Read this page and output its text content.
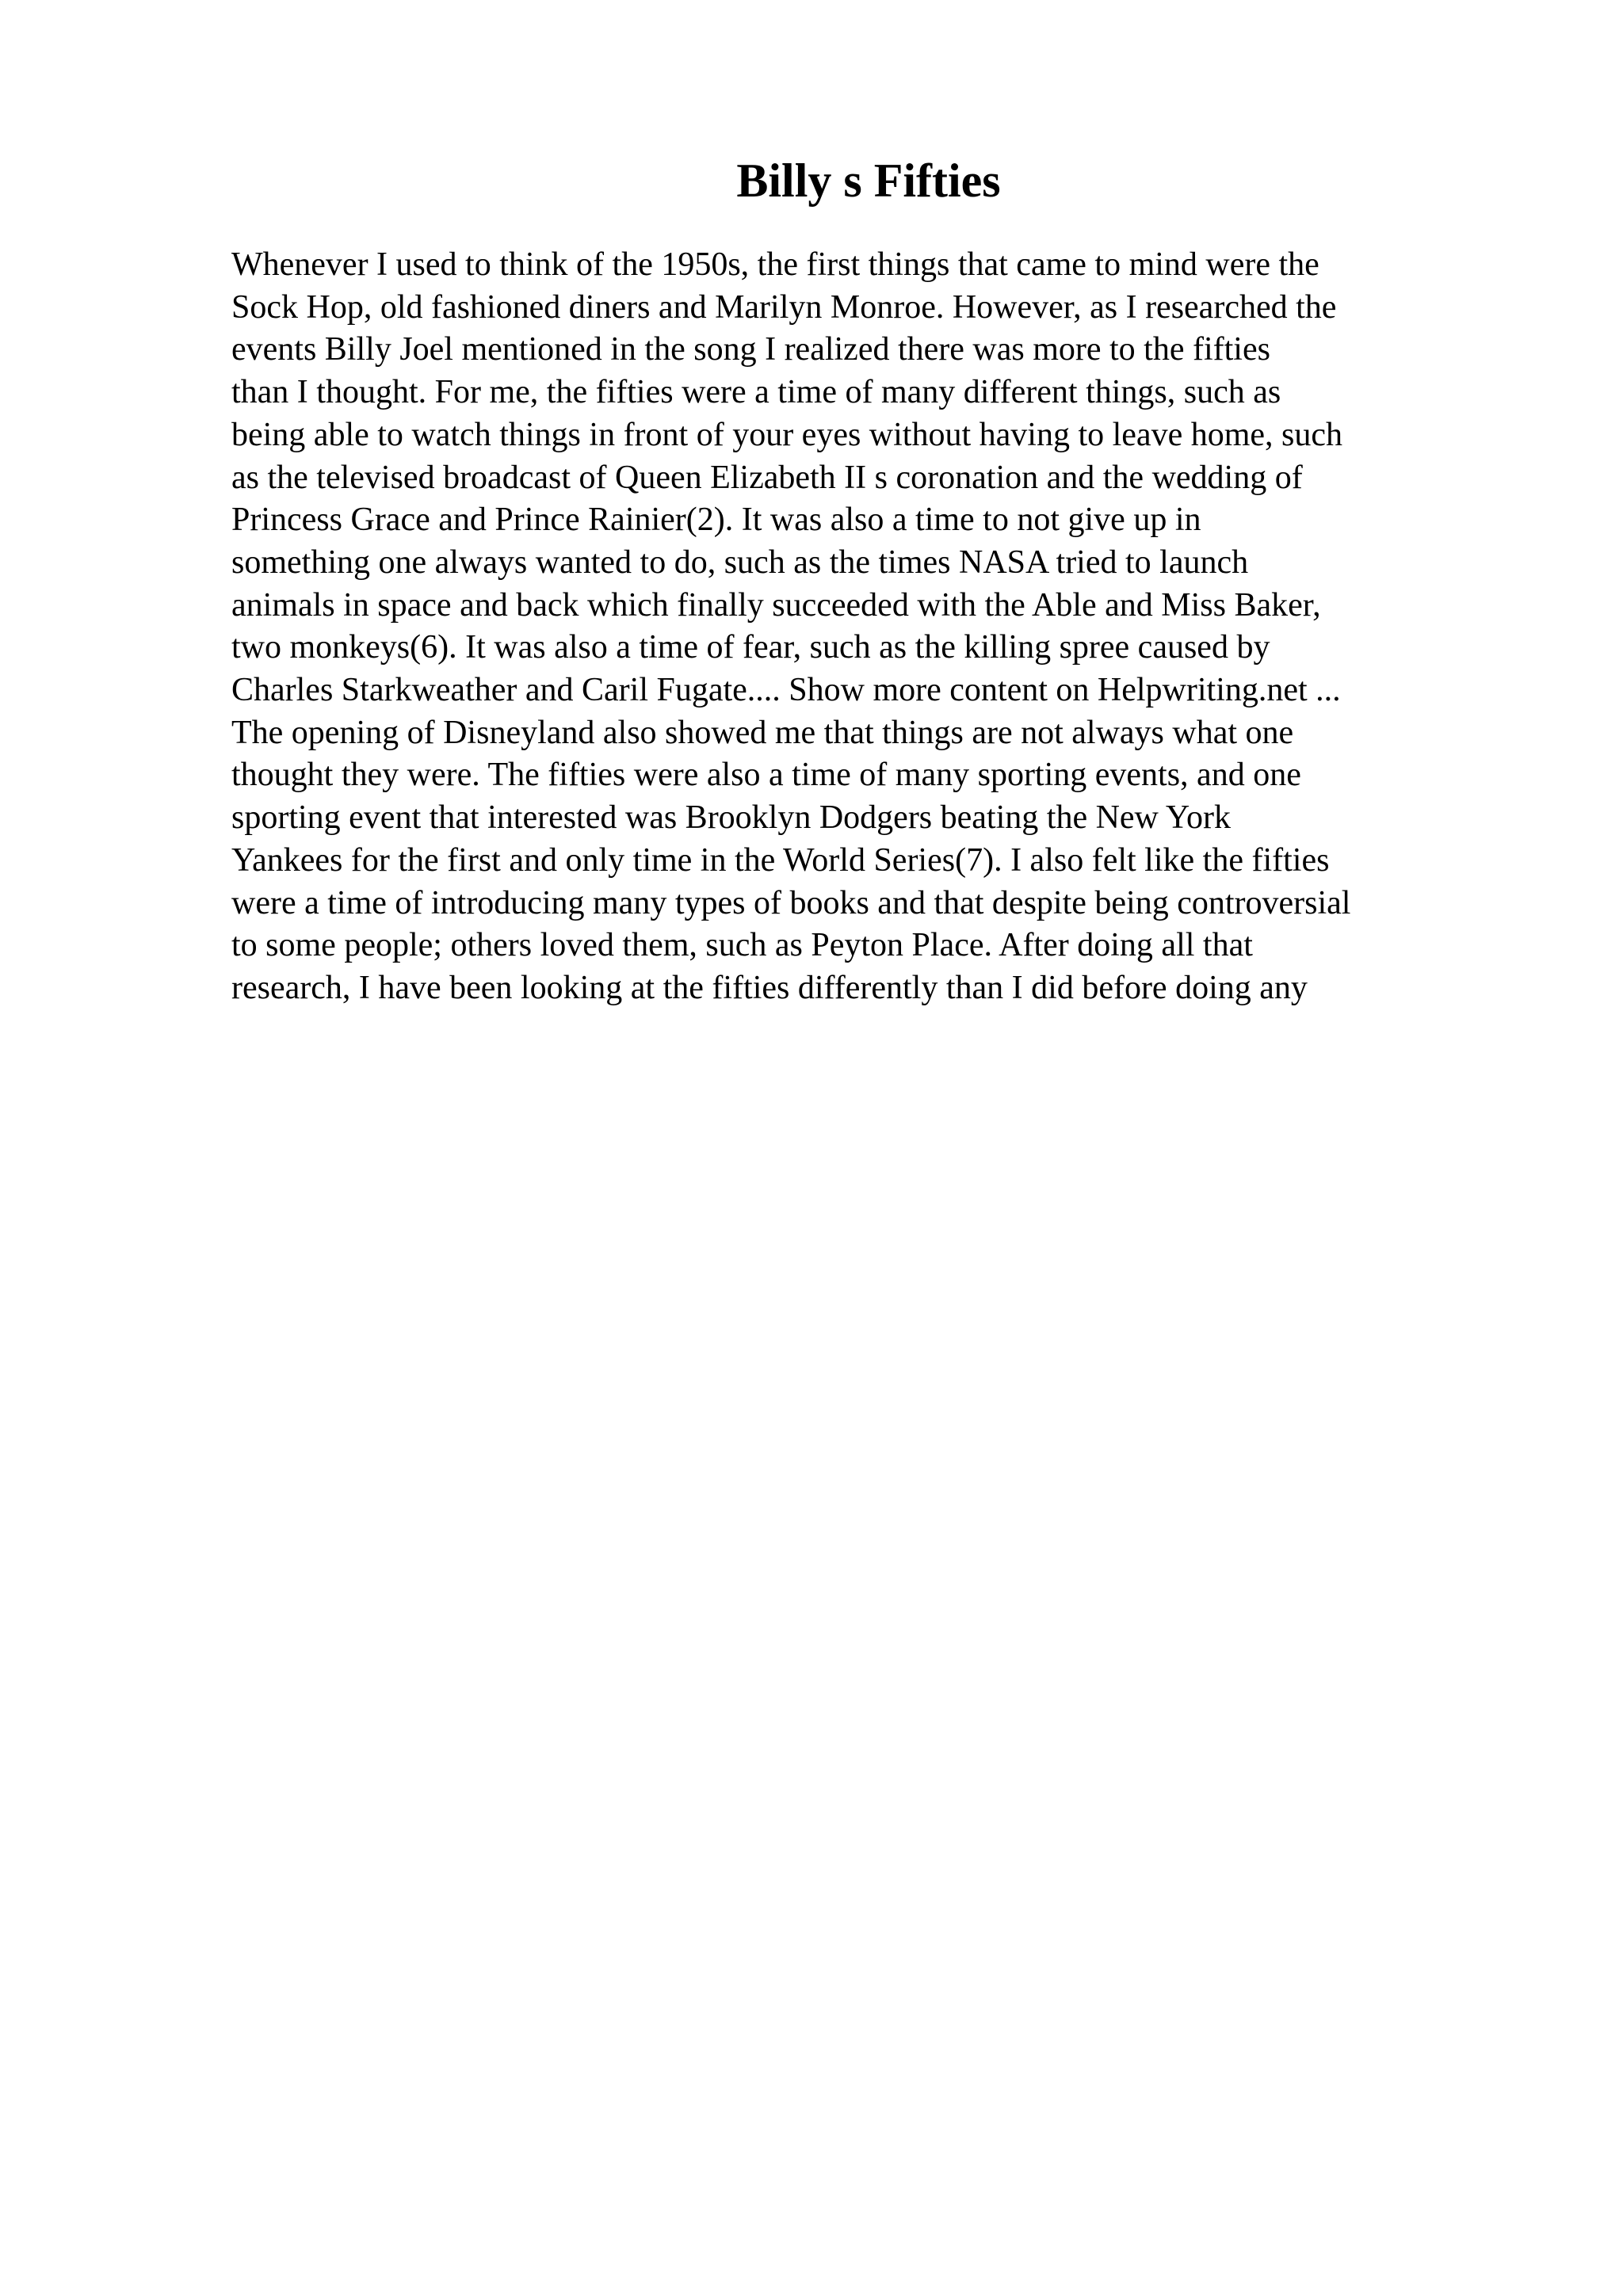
Billy s Fifties
Whenever I used to think of the 1950s, the first things that came to mind were the
Sock Hop, old fashioned diners and Marilyn Monroe. However, as I researched the
events Billy Joel mentioned in the song I realized there was more to the fifties
than I thought. For me, the fifties were a time of many different things, such as
being able to watch things in front of your eyes without having to leave home, such
as the televised broadcast of Queen Elizabeth II s coronation and the wedding of
Princess Grace and Prince Rainier(2). It was also a time to not give up in
something one always wanted to do, such as the times NASA tried to launch
animals in space and back which finally succeeded with the Able and Miss Baker,
two monkeys(6). It was also a time of fear, such as the killing spree caused by
Charles Starkweather and Caril Fugate.... Show more content on Helpwriting.net ...
The opening of Disneyland also showed me that things are not always what one
thought they were. The fifties were also a time of many sporting events, and one
sporting event that interested was Brooklyn Dodgers beating the New York
Yankees for the first and only time in the World Series(7). I also felt like the fifties
were a time of introducing many types of books and that despite being controversial
to some people; others loved them, such as Peyton Place. After doing all that
research, I have been looking at the fifties differently than I did before doing any
